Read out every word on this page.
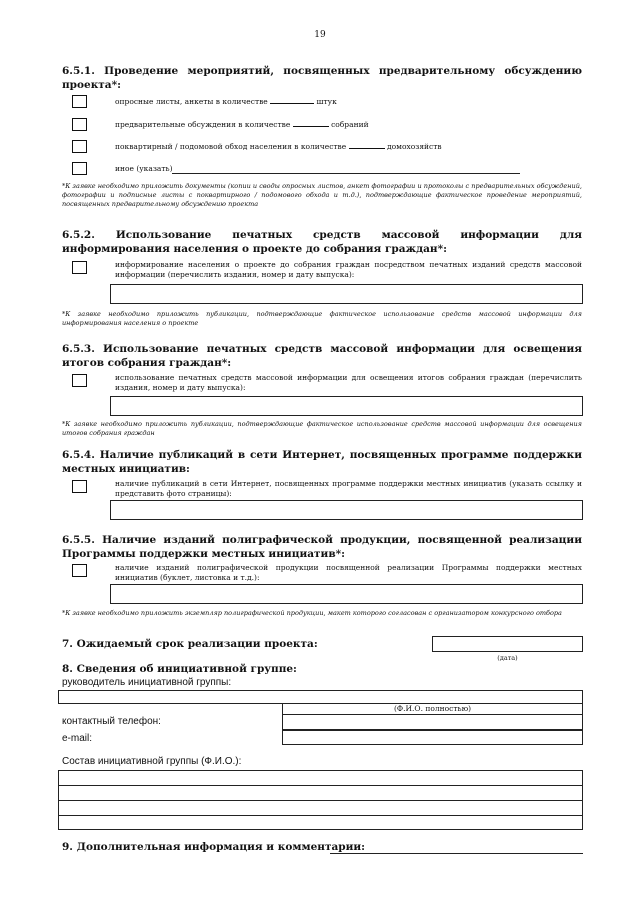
19
6.5.1. Проведение мероприятий, посвященных предварительному обсуждению проекта*:
опросные листы, анкеты в количестве	штук
предварительные обсуждения в количестве	собраний
поквартирный / подомовой обход населения в количестве	домохозяйств
иное (указать)
*К заявке необходимо приложить документы (копии и своды опросных листов, анкет фотографии и протоколы с предварительных обсуждений, фотографии и подписные листы с поквартирного / подомового обхода и т.д.), подтверждающие фактическое проведение мероприятий, посвященных предварительному обсуждению проекта
6.5.2. Использование печатных средств массовой информации для информирования населения о проекте до собрания граждан*:
информирование населения о проекте до собрания граждан посредством печатных изданий средств массовой информации (перечислить издания, номер и дату выпуска):
*К заявке необходимо приложить публикации, подтверждающие фактическое использование средств массовой информации для информирования населения о проекте
6.5.3. Использование печатных средств массовой информации для освещения итогов собрания граждан*:
использование печатных средств массовой информации для освещения итогов собрания граждан (перечислить издания, номер и дату выпуска):
*К заявке необходимо приложить публикации, подтверждающие фактическое использование средств массовой информации для освещения итогов собрания граждан
6.5.4. Наличие публикаций в сети Интернет, посвященных программе поддержки местных инициатив:
наличие публикаций в сети Интернет, посвященных программе поддержки местных инициатив (указать ссылку и представить фото страницы):
6.5.5. Наличие изданий полиграфической продукции, посвященной реализации Программы поддержки местных инициатив*:
наличие изданий полиграфической продукции посвященной реализации Программы поддержки местных инициатив (буклет, листовка и т.д.):
*К заявке необходимо приложить экземпляр полиграфической продукции, макет которого согласован с организатором конкурсного отбора
7. Ожидаемый срок реализации проекта:
(дата)
8. Сведения об инициативной группе:
руководитель инициативной группы:
(Ф.И.О. полностью)
контактный телефон:
e-mail:
Состав инициативной группы (Ф.И.О.):
9. Дополнительная информация и комментарии:
